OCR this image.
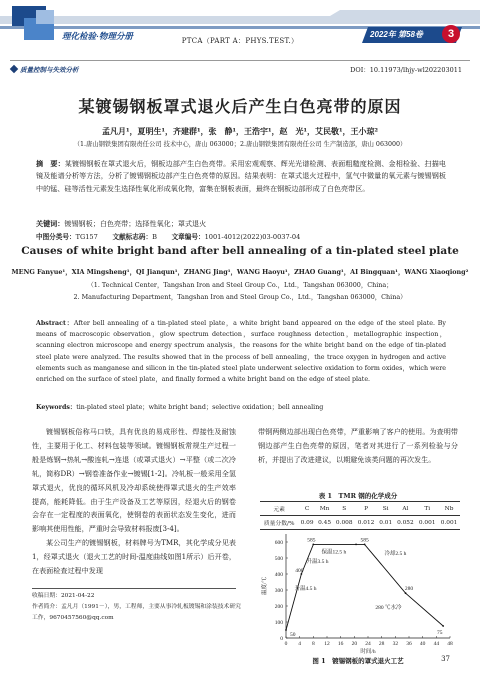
理化检验·物理分册	PTCA（PART A：PHYS.TEST.）
2022年 第58卷	3
质量控制与失效分析	DOI：10.11973/lhjy-wl202203011
某镀锡钢板罩式退火后产生白色亮带的原因
孟凡月¹，夏明生¹，齐建群¹，张　静¹，王浩宇¹，赵　光¹，艾民敬¹，王小琼²
（1.唐山钢铁集团有限责任公司 技术中心，唐山 063000；2.唐山钢铁集团有限责任公司 生产制造部，唐山 063000）
摘　要：某镀锡钢板在罩式退火后，钢板边部产生白色亮带。采用宏观观察、辉光光谱检测、表面粗糙度检测、金相检验、扫描电镜及能谱分析等方法，分析了镀锡钢板边部产生白色亮带的原因。结果表明：在罩式退火过程中，氢气中微量的氧元素与镀锡钢板中的锰、硅等活性元素发生选择性氧化形成氧化物，富集在钢板表面，最终在钢板边部形成了白色亮带区。
关键词：镀锡钢板；白色亮带；选择性氧化；罩式退火
中图分类号：TG157 文献标志码：B 文章编号：1001-4012(2022)03-0037-04
Causes of white bright band after bell annealing of a tin-plated steel plate
MENG Fanyue¹，XIA Mingsheng¹，QI Jianqun¹，ZHANG Jing¹，WANG Haoyu¹，ZHAO Guang¹，AI Bingquan¹，WANG Xiaoqiong²
（1. Technical Center，Tangshan Iron and Steel Group Co.，Ltd.，Tangshan 063000，China；
2. Manufacturing Department，Tangshan Iron and Steel Group Co.，Ltd.，Tangshan 063000，China）
Abstract：After bell annealing of a tin-plated steel plate，a white bright band appeared on the edge of the steel plate. By means of macroscopic observation，glow spectrum detection，surface roughness detection，metallographic inspection，scanning electron microscope and energy spectrum analysis，the reasons for the white bright band on the edge of tin-plated steel plate were analyzed. The results showed that in the process of bell annealing，the trace oxygen in hydrogen and active elements such as manganese and silicon in the tin-plated steel plate underwent selective oxidation to form oxides，which were enriched on the surface of steel plate，and finally formed a white bright band on the edge of steel plate.
Keywords：tin-plated steel plate；white bright band；selective oxidation；bell annealing

镀锡钢板俗称马口铁，具有优良的易成形性、焊接性及耐蚀性，主要用于化工、材料包装等领域。镀锡钢板常规生产过程一般是炼钢→热轧→酸连轧→连退（或罩式退火）→平整（或二次冷轧，简称DR）→钢卷准备作业→镀锡[1-2]。冷轧板一般采用全氢罩式退火，优良的循环风机及冷却系统使得罩式退火的生产效率提高，能耗降低。由于生产设备及工艺等原因，经退火后的钢卷会存在一定程度的表面氧化，使钢卷的表面状态发生变化，进而影响其使用性能，严重时会导致材料报废[3-4]。

某公司生产的镀锡钢板，材料牌号为TMR，其化学成分见表1，经罩式退火（退火工艺的时间-温度曲线如图1所示）后开卷，在表面检查过程中发现

收稿日期：2021-04-22
作者简介：孟凡月（1991－），男，工程师，主要从事冷轧板镀锡和涂装技术研究工作，9670457560@qq.com

带钢两侧边部出现白色亮带，严重影响了客户的使用。为查明带钢边部产生白色亮带的原因，笔者对其进行了一系列检验与分析，并提出了改进建议，以期避免该类问题的再次发生。

表 1　TMR 钢的化学成分
元素	C	Mn	S	P	Si	Al	Ti	Nb
质量分数/%	0.09	0.45	0.008	0.012	0.01	0.052	0.001	0.001
0 4 8 12 16 20 24 28 32 36 40 44 48
0
100
200
300
400
500
600
时间/h
温度/℃
585
保温12.5 h
585
冷却2.5 h
400
升温4.5 h
升温3.5 h
280
280 ℃水冷
75
50
图 1　镀锡钢板的罩式退火工艺	37
